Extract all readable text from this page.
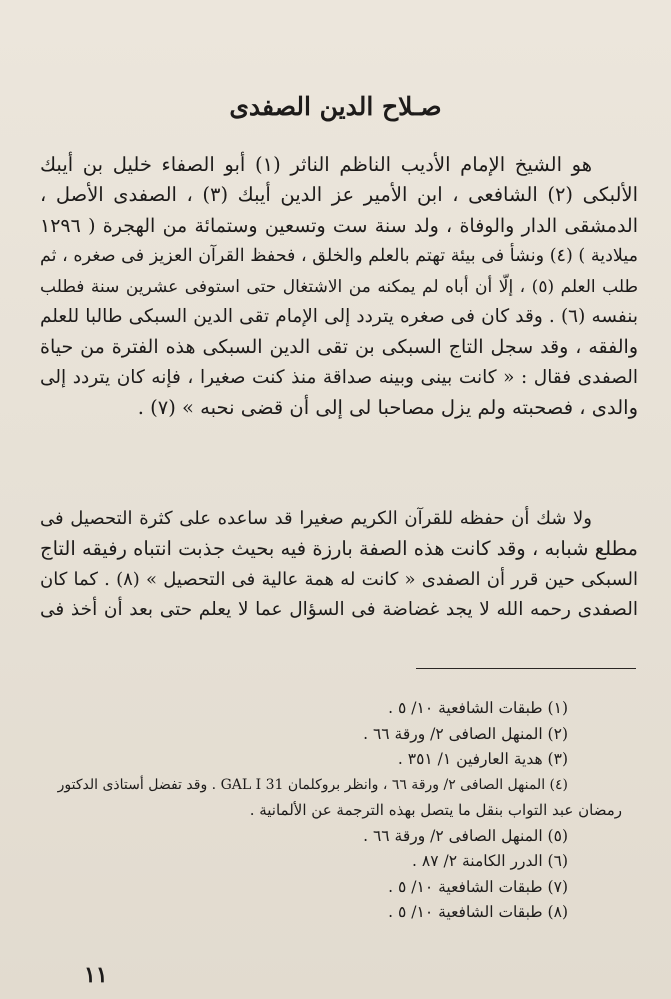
صـلاح الدين الصفدى
هو الشيخ الإمام الأديب الناظم الناثر (١) أبو الصفاء خليل بن أيبك
الألبكى (٢) الشافعى ، ابن الأمير عز الدين أيبك (٣) ، الصفدى الأصل ،
الدمشقى الدار والوفاة ، ولد سنة ست وتسعين وستمائة من الهجرة ( ١٢٩٦
ميلادية ) (٤) ونشأ فى بيئة تهتم بالعلم والخلق ، فحفظ القرآن العزيز فى صغره ، ثم
طلب العلم (٥) ، إلّا أن أباه لم يمكنه من الاشتغال حتى استوفى عشرين سنة فطلب
بنفسه (٦) . وقد كان فى صغره يتردد إلى الإمام تقى الدين السبكى طالبا للعلم
والفقه ، وقد سجل التاج السبكى بن تقى الدين السبكى هذه الفترة من حياة
الصفدى فقال : « كانت بينى وبينه صداقة منذ كنت صغيرا ، فإنه كان يتردد إلى
والدى ، فصحبته ولم يزل مصاحبا لى إلى أن قضى نحبه » (٧) .
ولا شك أن حفظه للقرآن الكريم صغيرا قد ساعده على كثرة التحصيل فى
مطلع شبابه ، وقد كانت هذه الصفة بارزة فيه بحيث جذبت انتباه رفيقه التاج
السبكى حين قرر أن الصفدى « كانت له همة عالية فى التحصيل » (٨) . كما كان
الصفدى رحمه الله لا يجد غضاضة فى السؤال عما لا يعلم حتى بعد أن أخذ فى
(١) طبقات الشافعية ١٠/ ٥ .
(٢) المنهل الصافى ٢/ ورقة ٦٦ .
(٣) هدية العارفين ١/ ٣٥١ .
(٤) المنهل الصافى ٢/ ورقة ٦٦ ، وانظر بروكلمان GAL I 31 . وقد تفضل أستاذى الدكتور
رمضان عبد التواب بنقل ما يتصل بهذه الترجمة عن الألمانية .
(٥) المنهل الصافى ٢/ ورقة ٦٦ .
(٦) الدرر الكامنة ٢/ ٨٧ .
(٧) طبقات الشافعية ١٠/ ٥ .
(٨) طبقات الشافعية ١٠/ ٥ .
١١
